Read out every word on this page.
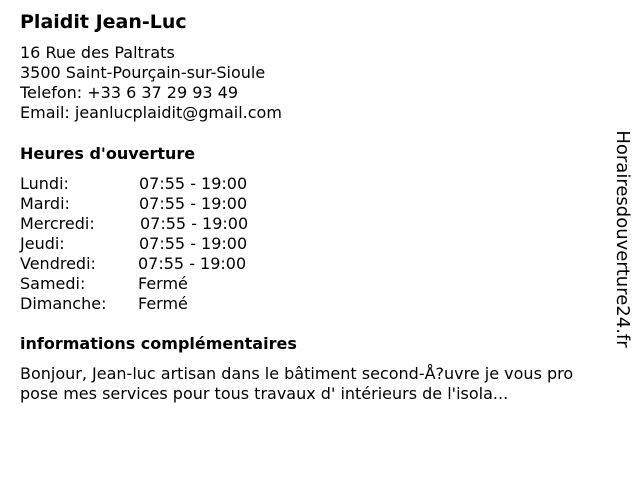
Plaidit Jean-Luc
16 Rue des Paltrats
3500 Saint-Pourçain-sur-Sioule
Telefon: +33 6 37 29 93 49
Email: jeanlucplaidit@gmail.com
Heures d'ouverture
Lundi:	07:55 - 19:00
Mardi:	07:55 - 19:00
Mercredi:	07:55 - 19:00
Jeudi:	07:55 - 19:00
Vendredi:	07:55 - 19:00
Samedi:	Fermé
Dimanche: Fermé
informations complémentaires
Bonjour, Jean-luc artisan dans le bâtiment second-Å?uvre je vous pro
pose mes services pour tous travaux d' intérieurs de l'isola...
Horairesdouverture24.fr
